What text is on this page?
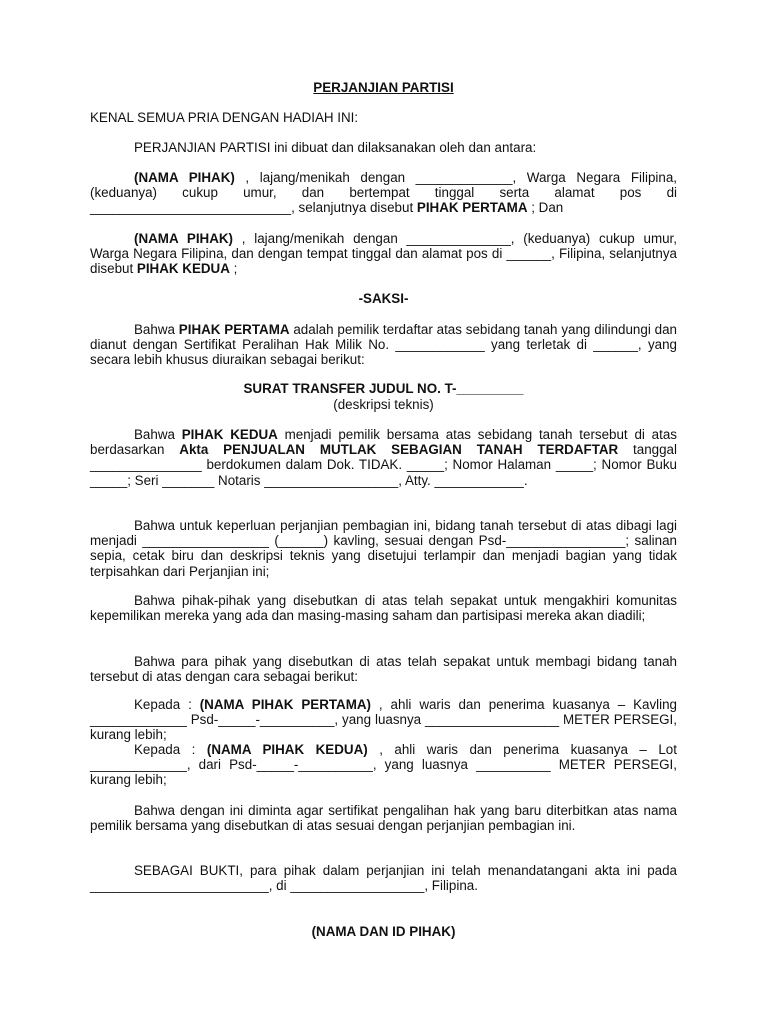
PERJANJIAN PARTISI
KENAL SEMUA PRIA DENGAN HADIAH INI:
PERJANJIAN PARTISI ini dibuat dan dilaksanakan oleh dan antara:
(NAMA PIHAK) , lajang/menikah dengan _____________, Warga Negara Filipina, (keduanya) cukup umur, dan bertempat tinggal serta alamat pos di ___________________________, selanjutnya disebut PIHAK PERTAMA ; Dan
(NAMA PIHAK) , lajang/menikah dengan ______________, (keduanya) cukup umur, Warga Negara Filipina, dan dengan tempat tinggal dan alamat pos di ______, Filipina, selanjutnya disebut PIHAK KEDUA ;
-SAKSI-
Bahwa PIHAK PERTAMA adalah pemilik terdaftar atas sebidang tanah yang dilindungi dan dianut dengan Sertifikat Peralihan Hak Milik No. ____________ yang terletak di ______, yang secara lebih khusus diuraikan sebagai berikut:
SURAT TRANSFER JUDUL NO. T-_________
(deskripsi teknis)
Bahwa PIHAK KEDUA menjadi pemilik bersama atas sebidang tanah tersebut di atas berdasarkan Akta PENJUALAN MUTLAK SEBAGIAN TANAH TERDAFTAR tanggal _______________ berdokumen dalam Dok. TIDAK. _____; Nomor Halaman _____; Nomor Buku _____; Seri _______ Notaris __________________, Atty. ____________.
Bahwa untuk keperluan perjanjian pembagian ini, bidang tanah tersebut di atas dibagi lagi menjadi _________________ (______) kavling, sesuai dengan Psd-________________; salinan sepia, cetak biru dan deskripsi teknis yang disetujui terlampir dan menjadi bagian yang tidak terpisahkan dari Perjanjian ini;
Bahwa pihak-pihak yang disebutkan di atas telah sepakat untuk mengakhiri komunitas kepemilikan mereka yang ada dan masing-masing saham dan partisipasi mereka akan diadili;
Bahwa para pihak yang disebutkan di atas telah sepakat untuk membagi bidang tanah tersebut di atas dengan cara sebagai berikut:
Kepada : (NAMA PIHAK PERTAMA) , ahli waris dan penerima kuasanya – Kavling _____________ Psd-_____-__________, yang luasnya __________________ METER PERSEGI, kurang lebih;
Kepada : (NAMA PIHAK KEDUA) , ahli waris dan penerima kuasanya – Lot _____________, dari Psd-_____-__________, yang luasnya __________ METER PERSEGI, kurang lebih;
Bahwa dengan ini diminta agar sertifikat pengalihan hak yang baru diterbitkan atas nama pemilik bersama yang disebutkan di atas sesuai dengan perjanjian pembagian ini.
SEBAGAI BUKTI, para pihak dalam perjanjian ini telah menandatangani akta ini pada ________________________, di __________________, Filipina.
(NAMA DAN ID PIHAK)
